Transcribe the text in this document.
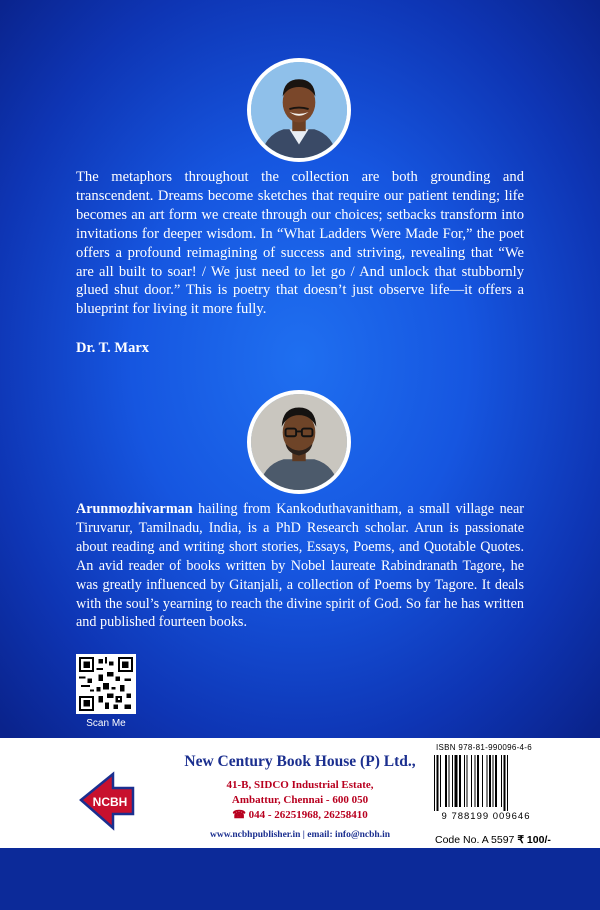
The metaphors throughout the collection are both grounding and transcendent. Dreams become sketches that require our patient tending; life becomes an art form we create through our choices; setbacks transform into invitations for deeper wisdom. In “What Ladders Were Made For,” the poet offers a profound reimagining of success and striving, revealing that “We are all built to soar! / We just need to let go / And unlock that stubbornly glued shut door.” This is poetry that doesn’t just observe life—it offers a blueprint for living it more fully.

Dr. T. Marx

Arunmozhivarman hailing from Kankoduthavanitham, a small village near Tiruvarur, Tamilnadu, India, is a PhD Research scholar. Arun is passionate about reading and writing short stories, Essays, Poems, and Quotable Quotes. An avid reader of books written by Nobel laureate Rabindranath Tagore, he was greatly influenced by Gitanjali, a collection of Poems by Tagore. It deals with the soul’s yearning to reach the divine spirit of God. So far he has written and published fourteen books.

Scan Me
NCBH
New Century Book House (P) Ltd.,
41-B, SIDCO Industrial Estate,
Ambattur, Chennai - 600 050
☎ 044 - 26251968, 26258410
www.ncbhpublisher.in | email: info@ncbh.in
ISBN 978-81-990096-4-6
9 788199 009646
Code No. A 5597 ₹ 100/-
